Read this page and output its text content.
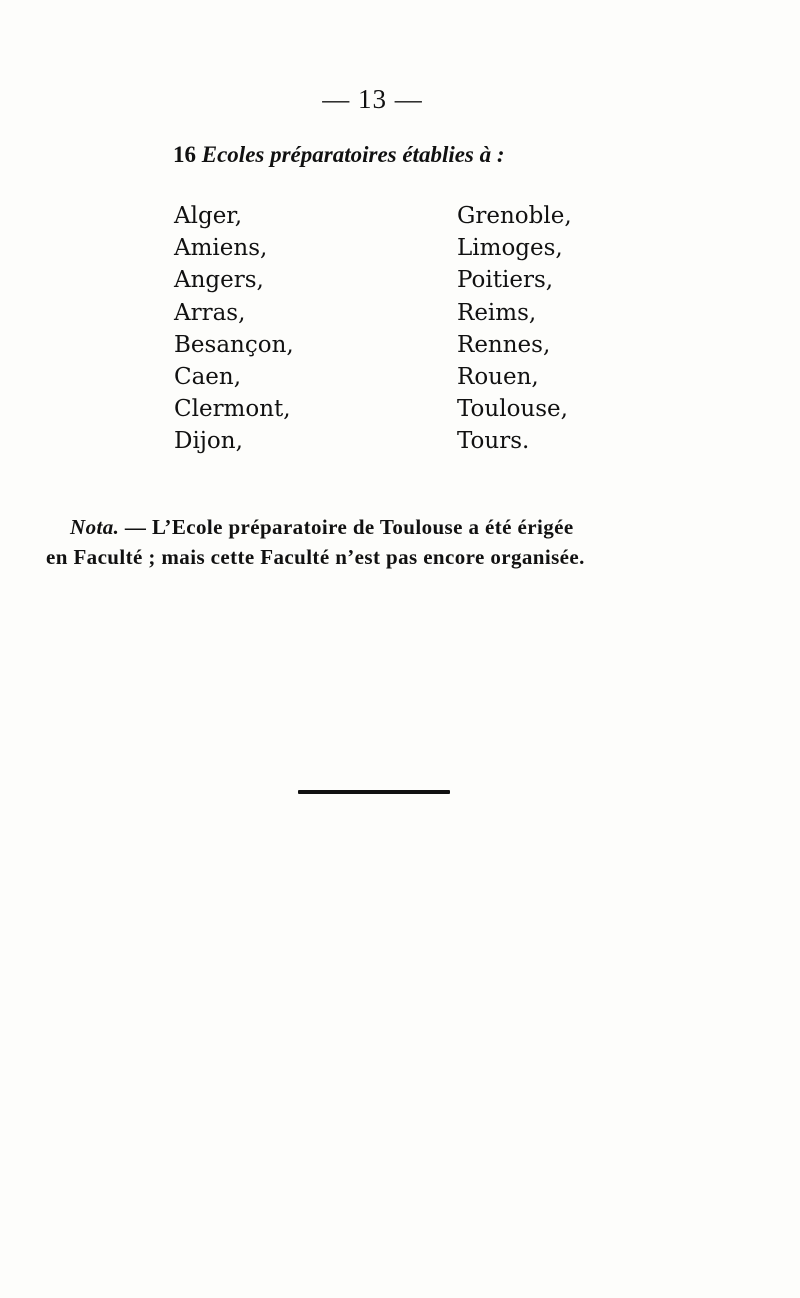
— 13 —
16 Ecoles préparatoires établies à :
Alger,
Amiens,
Angers,
Arras,
Besançon,
Caen,
Clermont,
Dijon,
Grenoble,
Limoges,
Poitiers,
Reims,
Rennes,
Rouen,
Toulouse,
Tours.
Nota. — L’Ecole préparatoire de Toulouse a été érigée
en Faculté ; mais cette Faculté n’est pas encore organisée.
